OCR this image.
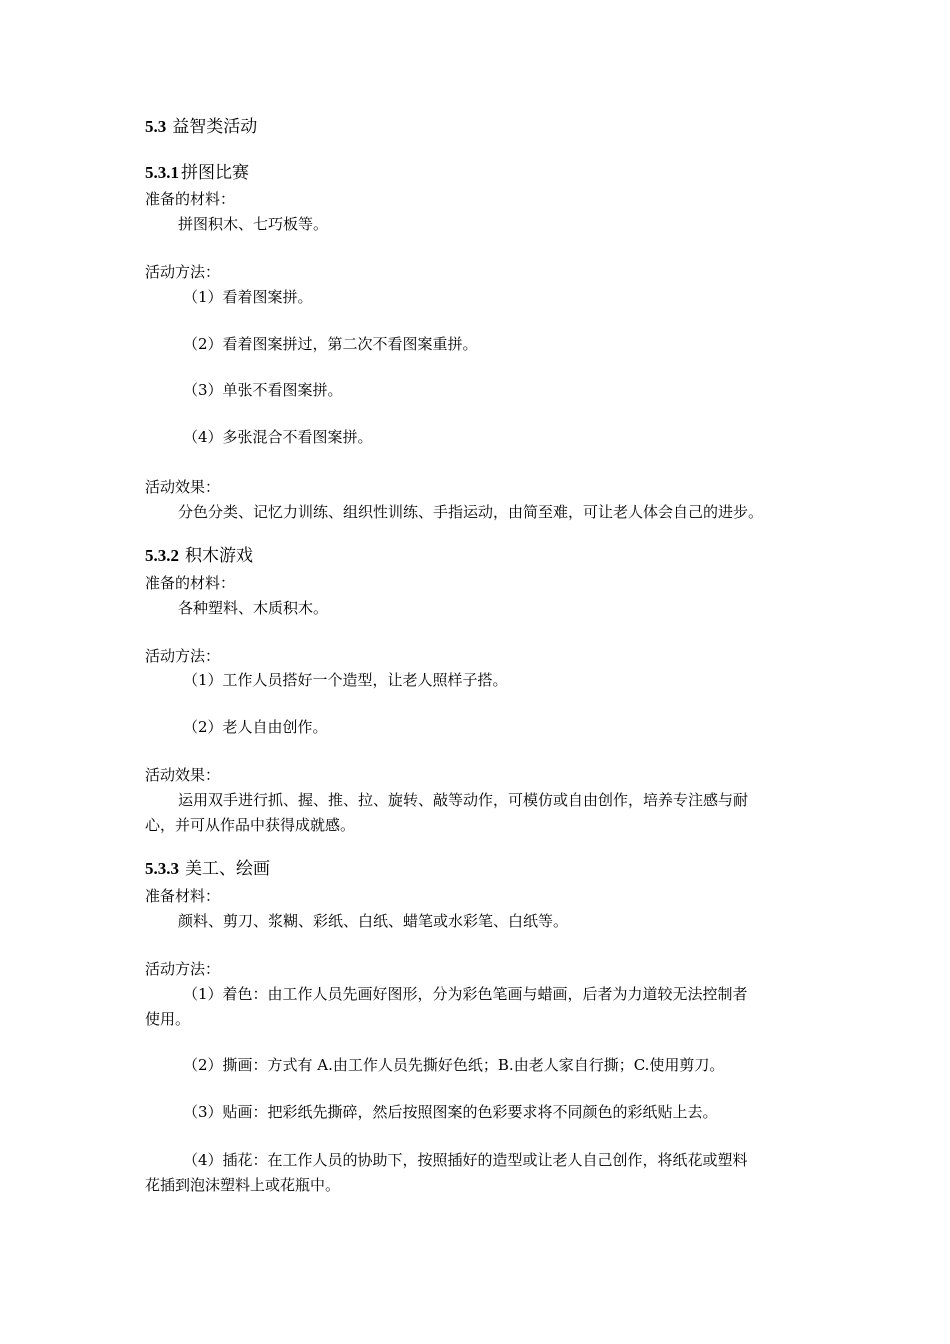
5.3 益智类活动
5.3.1 拼图比赛
准备的材料：
拼图积木、七巧板等。
活动方法：
（1）看着图案拼。
（2）看着图案拼过，第二次不看图案重拼。
（3）单张不看图案拼。
（4）多张混合不看图案拼。
活动效果：
分色分类、记忆力训练、组织性训练、手指运动，由简至难，可让老人体会自己的进步。
5.3.2 积木游戏
准备的材料：
各种塑料、木质积木。
活动方法：
（1）工作人员搭好一个造型，让老人照样子搭。
（2）老人自由创作。
活动效果：
运用双手进行抓、握、推、拉、旋转、敲等动作，可模仿或自由创作，培养专注感与耐
心，并可从作品中获得成就感。
5.3.3 美工、绘画
准备材料：
颜料、剪刀、浆糊、彩纸、白纸、蜡笔或水彩笔、白纸等。
活动方法：
（1）着色：由工作人员先画好图形，分为彩色笔画与蜡画，后者为力道较无法控制者
使用。
（2）撕画：方式有 A.由工作人员先撕好色纸；B.由老人家自行撕；C.使用剪刀。
（3）贴画：把彩纸先撕碎，然后按照图案的色彩要求将不同颜色的彩纸贴上去。
（4）插花：在工作人员的协助下，按照插好的造型或让老人自己创作，将纸花或塑料
花插到泡沫塑料上或花瓶中。
